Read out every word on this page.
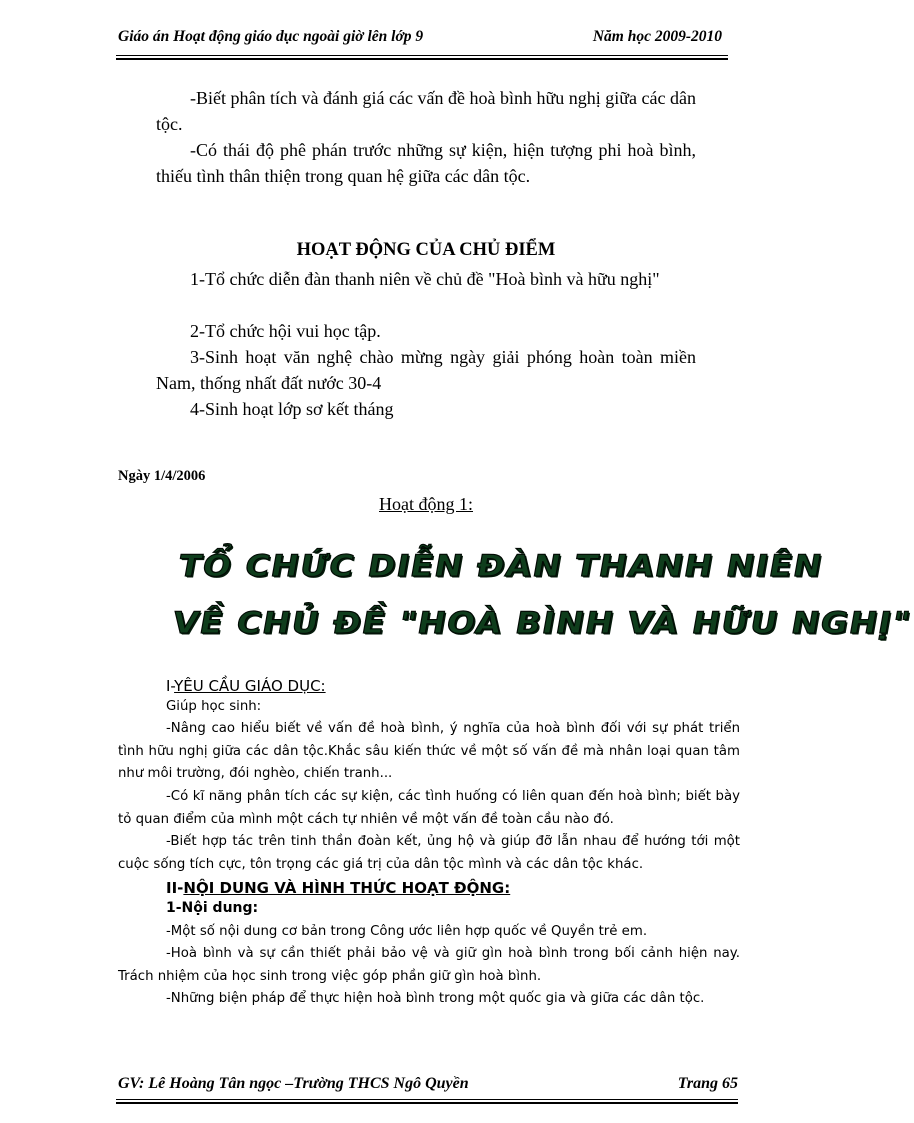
Giáo án Hoạt động giáo dục ngoài giờ lên lớp 9	Năm học 2009-2010

-Biết phân tích và đánh giá các vấn đề hoà bình hữu nghị giữa các dân tộc.

-Có thái độ phê phán trước những sự kiện, hiện tượng phi hoà bình, thiếu tình thân thiện trong quan hệ giữa các dân tộc.

HOẠT ĐỘNG CỦA CHỦ ĐIỂM

1-Tổ chức diễn đàn thanh niên về chủ đề "Hoà bình và hữu nghị"

2-Tổ chức hội vui học tập.

3-Sinh hoạt văn nghệ chào mừng ngày giải phóng hoàn toàn miền Nam, thống nhất đất nước 30-4

4-Sinh hoạt lớp sơ kết tháng

Ngày 1/4/2006
Hoạt động 1:
TỔ CHỨC DIỄN ĐÀN THANH NIÊN
VỀ CHỦ ĐỀ "HOÀ BÌNH VÀ HỮU NGHỊ"
I-YÊU CẦU GIÁO DỤC:

Giúp học sinh:

-Nâng cao hiểu biết về vấn đề hoà bình, ý nghĩa của hoà bình đối với sự phát triển tình hữu nghị giữa các dân tộc.Khắc sâu kiến thức về một số vấn đề mà nhân loại quan tâm như môi trường, đói nghèo, chiến tranh...

-Có kĩ năng phân tích các sự kiện, các tình huống có liên quan đến hoà bình; biết bày tỏ quan điểm của mình một cách tự nhiên về một vấn đề toàn cầu nào đó.

-Biết hợp tác trên tinh thần đoàn kết, ủng hộ và giúp đỡ lẫn nhau để hướng tới một cuộc sống tích cực, tôn trọng các giá trị của dân tộc mình và các dân tộc khác.

II-NỘI DUNG VÀ HÌNH THỨC HOẠT ĐỘNG:
1-Nội dung:

-Một số nội dung cơ bản trong Công ước liên hợp quốc về Quyền trẻ em.

-Hoà bình và sự cần thiết phải bảo vệ và giữ gìn hoà bình trong bối cảnh hiện nay. Trách nhiệm của học sinh trong việc góp phần giữ gìn hoà bình.

-Những biện pháp để thực hiện hoà bình trong một quốc gia và giữa các dân tộc.

GV: Lê Hoàng Tân ngọc –Trường THCS Ngô Quyền	Trang 65
